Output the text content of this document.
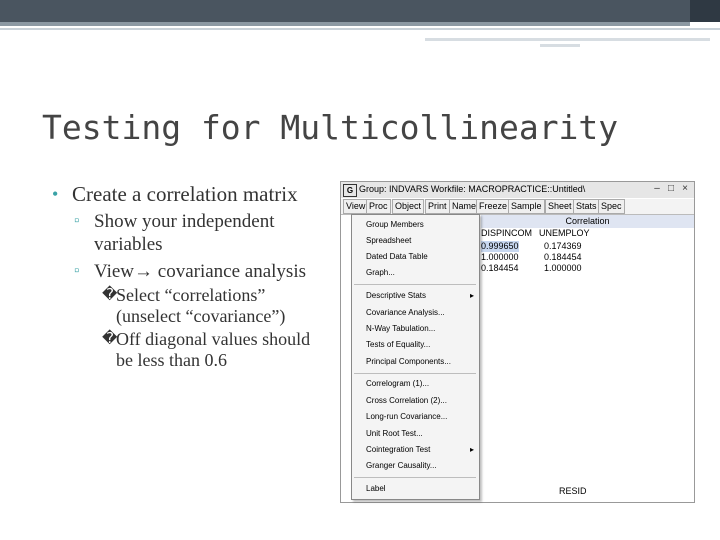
Testing for Multicollinearity
• Create a correlation matrix
▫ Show your independent variables
▫ View→ covariance analysis
�
Select “correlations” (unselect “covariance”)
�
Off diagonal values should be less than 0.6
G Group: INDVARS Workfile: MACROPRACTICE::Untitled\	– □ ×
View Proc Object Print Name Freeze Sample Sheet Stats Spec
Correlation
DISPINCOM UNEMPLOY
0.999650	0.174369
1.000000	0.184454
0.184454	1.000000
RESID
Group Members
Spreadsheet
Dated Data Table
Graph...
Descriptive Stats ▸
Covariance Analysis...
N-Way Tabulation...
Tests of Equality...
Principal Components...
Correlogram (1)...
Cross Correlation (2)...
Long-run Covariance...
Unit Root Test...
Cointegration Test ▸
Granger Causality...
Label
